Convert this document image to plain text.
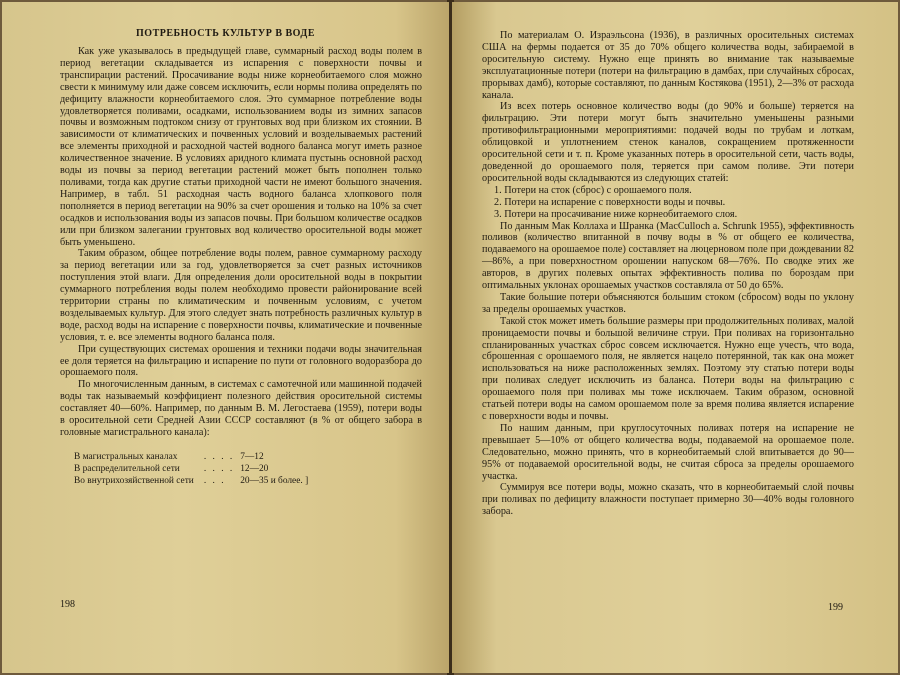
ПОТРЕБНОСТЬ КУЛЬТУР В ВОДЕ

Как уже указывалось в предыдущей главе, суммарный расход воды полем в период вегетации складывается из испарения с поверхности почвы и транспирации растений. Просачивание воды ниже корнеобитаемого слоя можно свести к минимуму или даже совсем исключить, если нормы полива определять по дефициту влажности корнеобитаемого слоя. Это суммарное потребление воды удовлетворяется поливами, осадками, использованием воды из зимних запасов почвы и возможным подтоком снизу от грунтовых вод при близком их стоянии. В зависимости от климатических и почвенных условий и возделываемых растений все элементы приходной и расходной частей водного баланса могут иметь разное количественное значение. В условиях аридного климата пустынь основной расход воды из почвы за период вегетации растений может быть пополнен только поливами, тогда как другие статьи приходной части не имеют большого значения. Например, в табл. 51 расходная часть водного баланса хлопкового поля пополняется в период вегетации на 90% за счет орошения и только на 10% за счет осадков и использования воды из запасов почвы. При большом количестве осадков или при близком залегании грунтовых вод количество оросительной воды может быть уменьшено.

Таким образом, общее потребление воды полем, равное суммарному расходу за период вегетации или за год, удовлетворяется за счет разных источников поступления этой влаги. Для определения доли оросительной воды в покрытии суммарного потребления воды полем необходимо провести районирование всей территории страны по климатическим и почвенным условиям, с учетом возделываемых культур. Для этого следует знать потребность различных культур в воде, расход воды на испарение с поверхности почвы, климатические и почвенные условия, т. е. все элементы водного баланса поля.

При существующих системах орошения и техники подачи воды значительная ее доля теряется на фильтрацию и испарение по пути от головного водоразбора до орошаемого поля.

По многочисленным данным, в системах с самотечной или машинной подачей воды так называемый коэффициент полезного действия оросительной системы составляет 40—60%. Например, по данным В. М. Легостаева (1959), потери воды в оросительной сети Средней Азии СССР составляют (в % от общего забора в головные магистрального канала):

В магистральных каналах	. . . .	7—12
В распределительной сети	. . . .	12—20
Во внутрихозяйственной сети	. . .	20—35 и более. ]
198

По материалам О. Израэльсона (1936), в различных оросительных системах США на фермы подается от 35 до 70% общего количества воды, забираемой в оросительную систему. Нужно еще принять во внимание так называемые эксплуатационные потери (потери на фильтрацию в дамбах, при случайных сбросах, прорывах дамб), которые составляют, по данным Костякова (1951), 2—3% от расхода канала.

Из всех потерь основное количество воды (до 90% и больше) теряется на фильтрацию. Эти потери могут быть значительно уменьшены разными противофильтрационными мероприятиями: подачей воды по трубам и лоткам, облицовкой и уплотнением стенок каналов, сокращением протяженности оросительной сети и т. п. Кроме указанных потерь в оросительной сети, часть воды, доведенной до орошаемого поля, теряется при самом поливе. Эти потери оросительной воды складываются из следующих статей:

1. Потери на сток (сброс) с орошаемого поля.
2. Потери на испарение с поверхности воды и почвы.
3. Потери на просачивание ниже корнеобитаемого слоя.

По данным Мак Коллаха и Шранка (MacCulloch a. Schrunk 1955), эффективность поливов (количество впитанной в почву воды в % от общего ее количества, подаваемого на орошаемое поле) составляет на люцерновом поле при дождевании 82—86%, а при поверхностном орошении напуском 68—76%. По сводке этих же авторов, в других полевых опытах эффективность полива по бороздам при оптимальных уклонах орошаемых участков составляла от 50 до 65%.

Такие большие потери объясняются большим стоком (сбросом) воды по уклону за пределы орошаемых участков.

Такой сток может иметь большие размеры при продолжительных поливах, малой проницаемости почвы и большой величине струи. При поливах на горизонтально спланированных участках сброс совсем исключается. Нужно еще учесть, что вода, сброшенная с орошаемого поля, не является нацело потерянной, так как она может использоваться на ниже расположенных землях. Поэтому эту статью потери воды при поливах следует исключить из баланса. Потери воды на фильтрацию с орошаемого поля при поливах мы тоже исключаем. Таким образом, основной статьей потери воды на самом орошаемом поле за время полива является испарение с поверхности воды и почвы.

По нашим данным, при круглосуточных поливах потеря на испарение не превышает 5—10% от общего количества воды, подаваемой на орошаемое поле. Следовательно, можно принять, что в корнеобитаемый слой впитывается до 90—95% от подаваемой оросительной воды, не считая сброса за пределы орошаемого участка.

Суммируя все потери воды, можно сказать, что в корнеобитаемый слой почвы при поливах по дефициту влажности поступает примерно 30—40% воды головного забора.

199
